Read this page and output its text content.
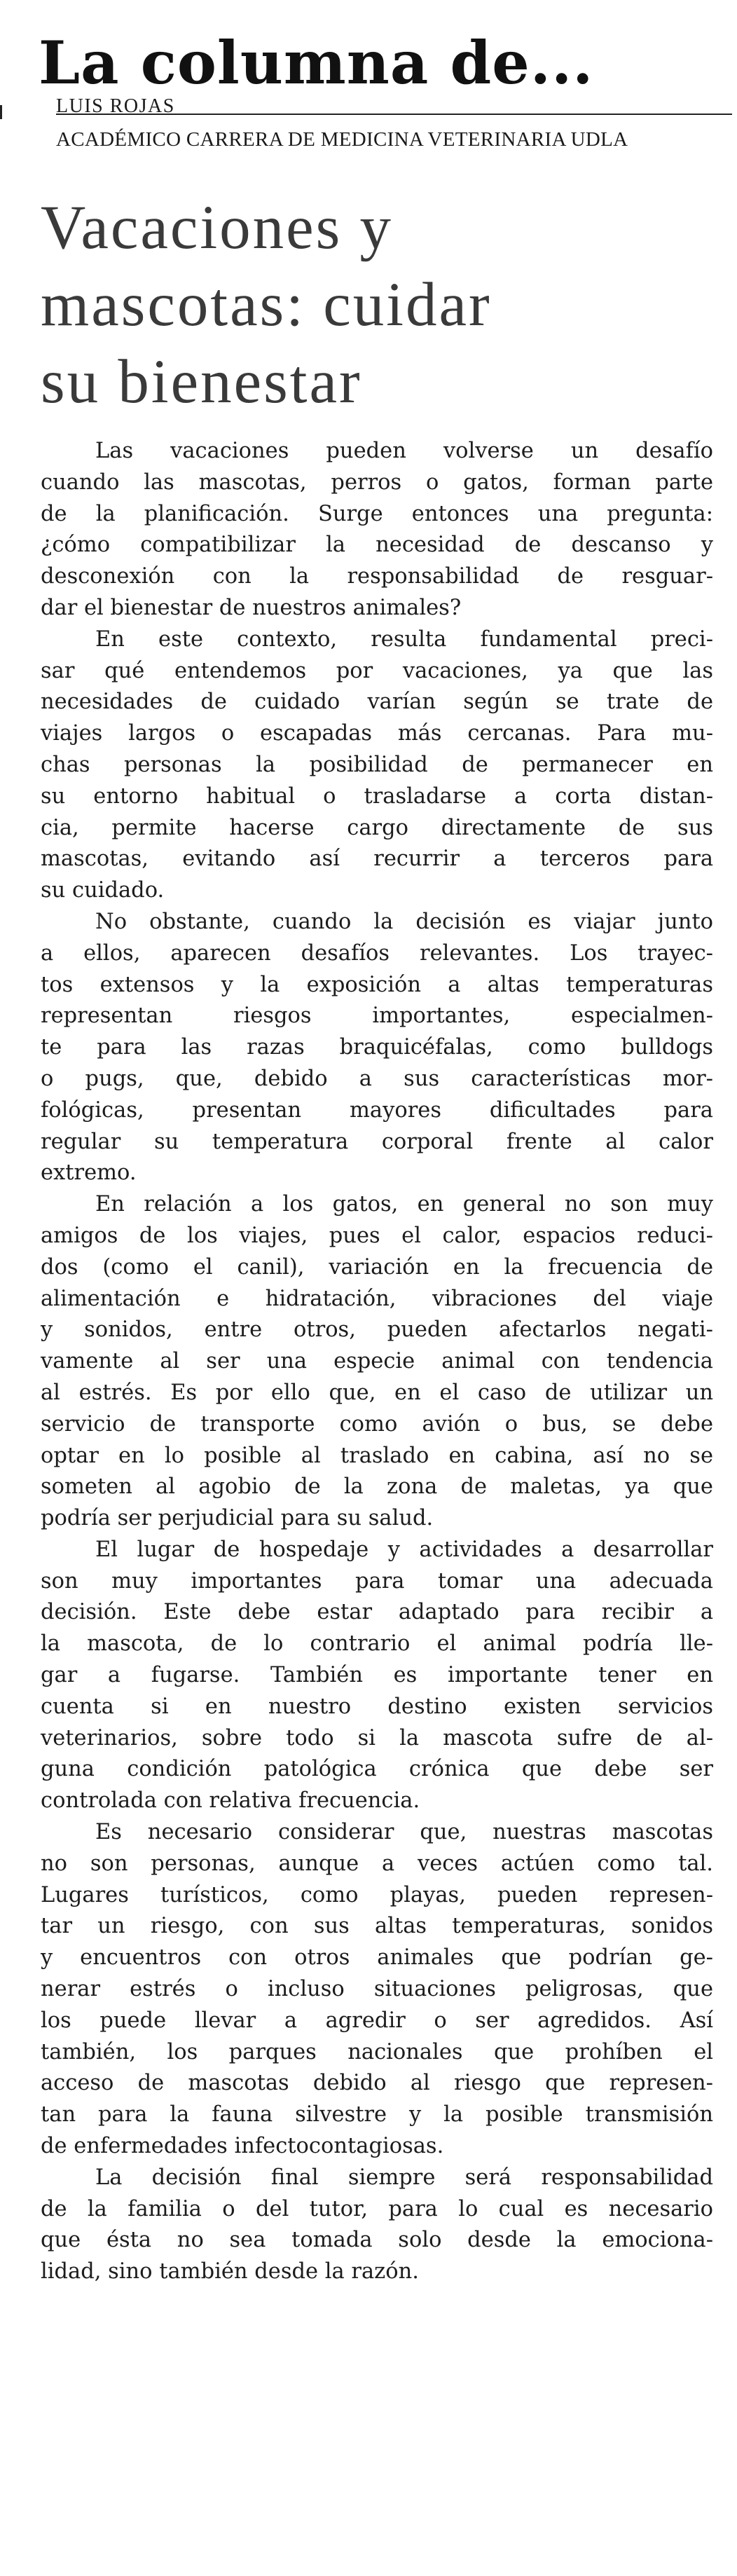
La columna de...
LUIS ROJAS
ACADÉMICO CARRERA DE MEDICINA VETERINARIA UDLA
Vacaciones y
mascotas: cuidar
su bienestar

Las vacaciones pueden volverse un desafío
cuando las mascotas, perros o gatos, forman parte
de la planificación. Surge entonces una pregunta:
¿cómo compatibilizar la necesidad de descanso y
desconexión con la responsabilidad de resguar-
dar el bienestar de nuestros animales?

En este contexto, resulta fundamental preci-
sar qué entendemos por vacaciones, ya que las
necesidades de cuidado varían según se trate de
viajes largos o escapadas más cercanas. Para mu-
chas personas la posibilidad de permanecer en
su entorno habitual o trasladarse a corta distan-
cia, permite hacerse cargo directamente de sus
mascotas, evitando así recurrir a terceros para
su cuidado.

No obstante, cuando la decisión es viajar junto
a ellos, aparecen desafíos relevantes. Los trayec-
tos extensos y la exposición a altas temperaturas
representan riesgos importantes, especialmen-
te para las razas braquicéfalas, como bulldogs
o pugs, que, debido a sus características mor-
fológicas, presentan mayores dificultades para
regular su temperatura corporal frente al calor
extremo.

En relación a los gatos, en general no son muy
amigos de los viajes, pues el calor, espacios reduci-
dos (como el canil), variación en la frecuencia de
alimentación e hidratación, vibraciones del viaje
y sonidos, entre otros, pueden afectarlos negati-
vamente al ser una especie animal con tendencia
al estrés. Es por ello que, en el caso de utilizar un
servicio de transporte como avión o bus, se debe
optar en lo posible al traslado en cabina, así no se
someten al agobio de la zona de maletas, ya que
podría ser perjudicial para su salud.

El lugar de hospedaje y actividades a desarrollar
son muy importantes para tomar una adecuada
decisión. Este debe estar adaptado para recibir a
la mascota, de lo contrario el animal podría lle-
gar a fugarse. También es importante tener en
cuenta si en nuestro destino existen servicios
veterinarios, sobre todo si la mascota sufre de al-
guna condición patológica crónica que debe ser
controlada con relativa frecuencia.

Es necesario considerar que, nuestras mascotas
no son personas, aunque a veces actúen como tal.
Lugares turísticos, como playas, pueden represen-
tar un riesgo, con sus altas temperaturas, sonidos
y encuentros con otros animales que podrían ge-
nerar estrés o incluso situaciones peligrosas, que
los puede llevar a agredir o ser agredidos. Así
también, los parques nacionales que prohíben el
acceso de mascotas debido al riesgo que represen-
tan para la fauna silvestre y la posible transmisión
de enfermedades infectocontagiosas.

La decisión final siempre será responsabilidad
de la familia o del tutor, para lo cual es necesario
que ésta no sea tomada solo desde la emociona-
lidad, sino también desde la razón.
